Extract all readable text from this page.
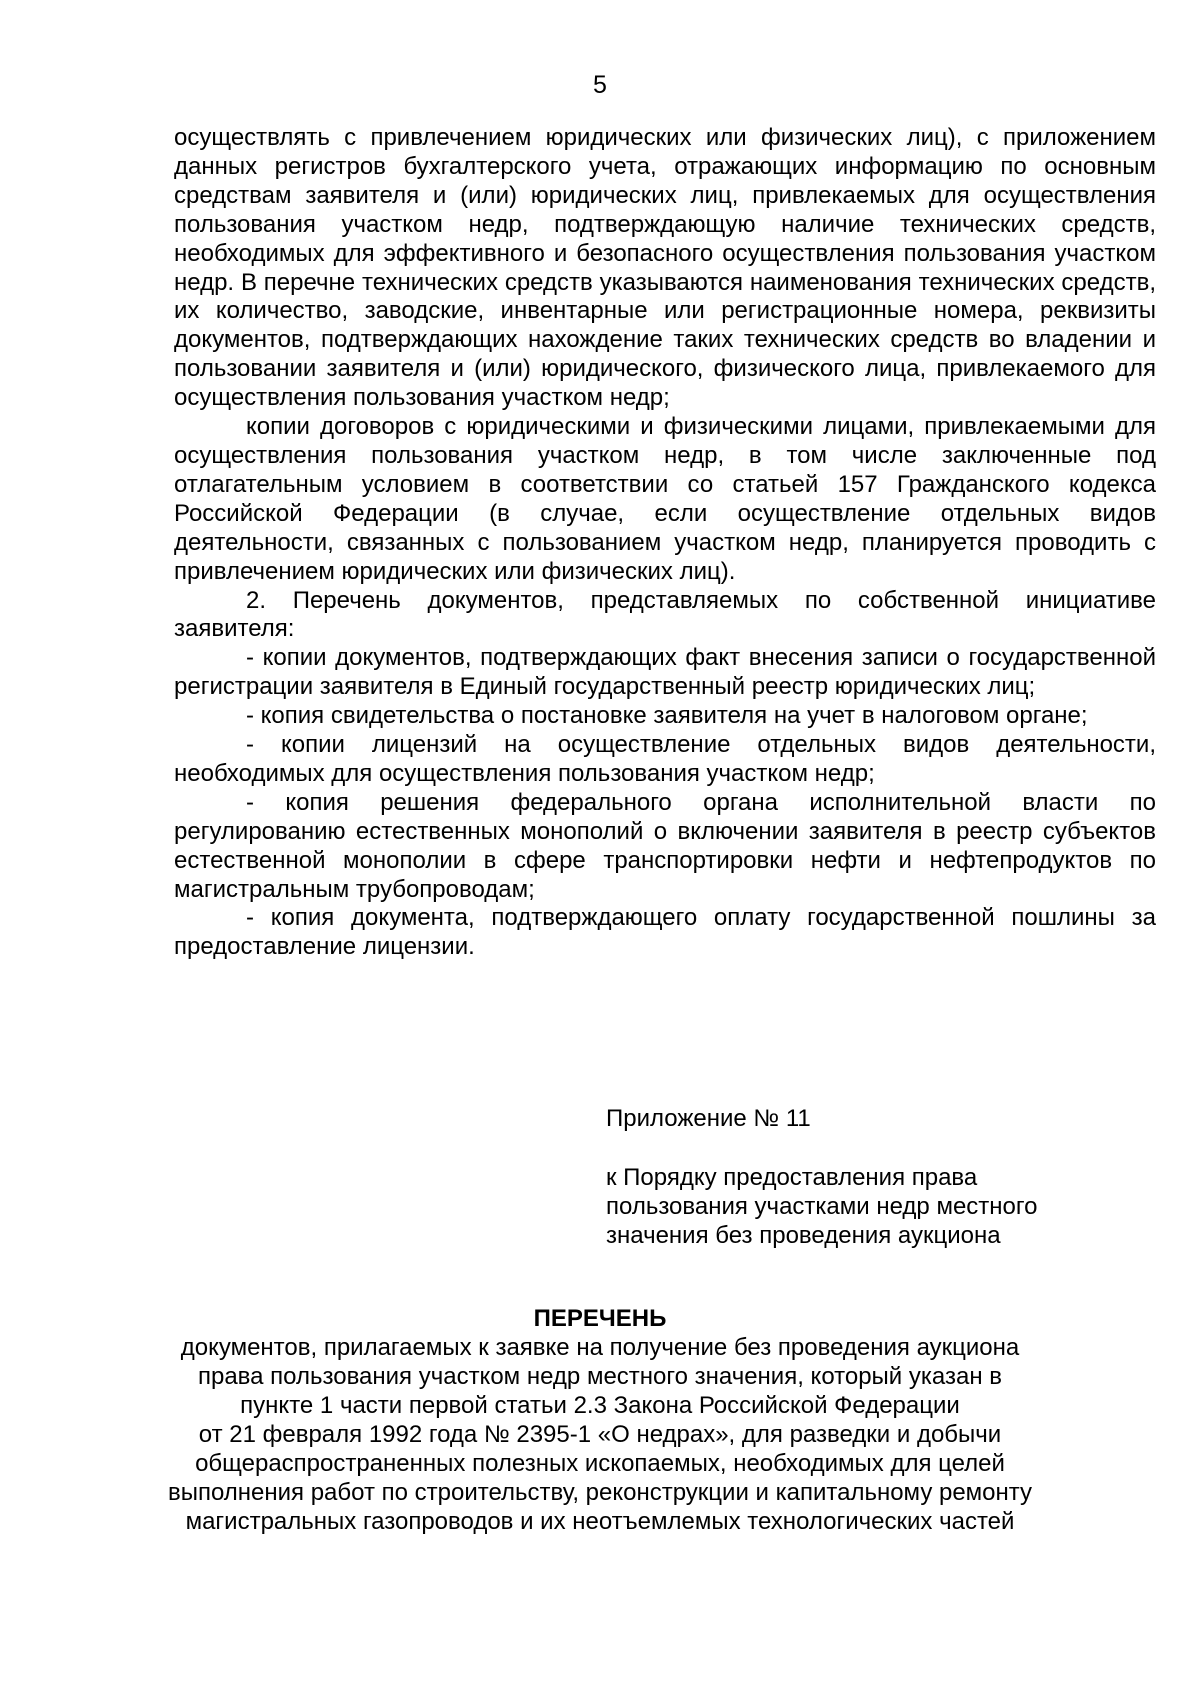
5

осуществлять с привлечением юридических или физических лиц), с приложением данных регистров бухгалтерского учета, отражающих информацию по основным средствам заявителя и (или) юридических лиц, привлекаемых для осуществления пользования участком недр, подтверждающую наличие технических средств, необходимых для эффективного и безопасного осуществления пользования участком недр. В перечне технических средств указываются наименования технических средств, их количество, заводские, инвентарные или регистрационные номера, реквизиты документов, подтверждающих нахождение таких технических средств во владении и пользовании заявителя и (или) юридического, физического лица, привлекаемого для осуществления пользования участком недр;

копии договоров с юридическими и физическими лицами, привлекаемыми для осуществления пользования участком недр, в том числе заключенные под отлагательным условием в соответствии со статьей 157 Гражданского кодекса Российской Федерации (в случае, если осуществление отдельных видов деятельности, связанных с пользованием участком недр, планируется проводить с привлечением юридических или физических лиц).

2. Перечень документов, представляемых по собственной инициативе заявителя:

- копии документов, подтверждающих факт внесения записи о государственной регистрации заявителя в Единый государственный реестр юридических лиц;

- копия свидетельства о постановке заявителя на учет в налоговом органе;

- копии лицензий на осуществление отдельных видов деятельности, необходимых для осуществления пользования участком недр;

- копия решения федерального органа исполнительной власти по регулированию естественных монополий о включении заявителя в реестр субъектов естественной монополии в сфере транспортировки нефти и нефтепродуктов по магистральным трубопроводам;

- копия документа, подтверждающего оплату государственной пошлины за предоставление лицензии.

Приложение № 11

к Порядку предоставления права
пользования участками недр местного
значения без проведения аукциона

ПЕРЕЧЕНЬ
документов, прилагаемых к заявке на получение без проведения аукциона
права пользования участком недр местного значения, который указан в
пункте 1 части первой статьи 2.3 Закона Российской Федерации
от 21 февраля 1992 года № 2395-1 «О недрах», для разведки и добычи
общераспространенных полезных ископаемых, необходимых для целей
выполнения работ по строительству, реконструкции и капитальному ремонту
магистральных газопроводов и их неотъемлемых технологических частей
